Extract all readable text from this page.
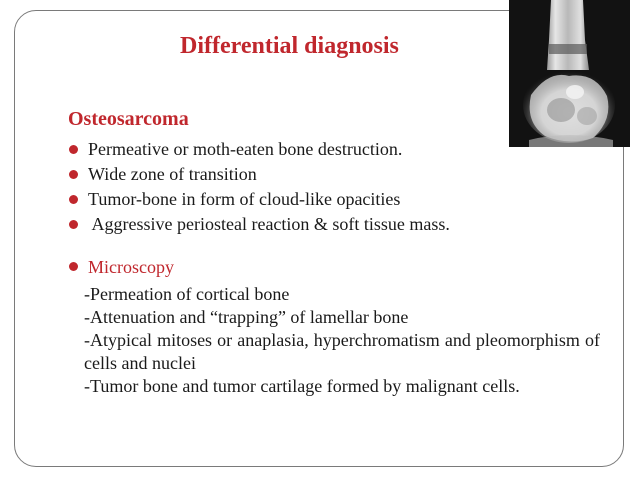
Differential diagnosis
Osteosarcoma
Permeative or moth-eaten bone destruction.
Wide zone of transition
Tumor-bone in form of cloud-like opacities
Aggressive periosteal reaction & soft tissue mass.
Microscopy
-Permeation of cortical bone
-Attenuation and “trapping” of lamellar bone
-Atypical mitoses or anaplasia, hyperchromatism and pleomorphism of cells and nuclei
-Tumor bone and tumor cartilage formed by malignant cells.
